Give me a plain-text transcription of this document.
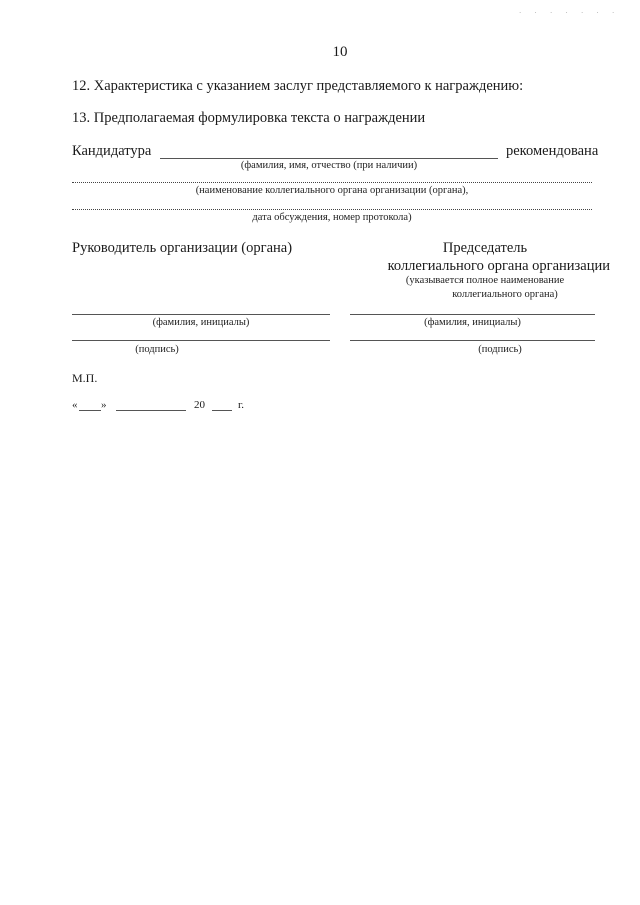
. . . . . . .
10
12. Характеристика с указанием заслуг представляемого к награждению:
13. Предполагаемая формулировка текста о награждении
Кандидатура	рекомендована
(фамилия, имя, отчество (при наличии)
(наименование коллегиального органа организации (органа),
дата обсуждения, номер протокола)
Руководитель организации (органа)	Председатель
коллегиального органа организации
(указывается полное наименование
коллегиального органа)
(фамилия, инициалы)	(фамилия, инициалы)
(подпись)	(подпись)
М.П.
« »	20	г.
